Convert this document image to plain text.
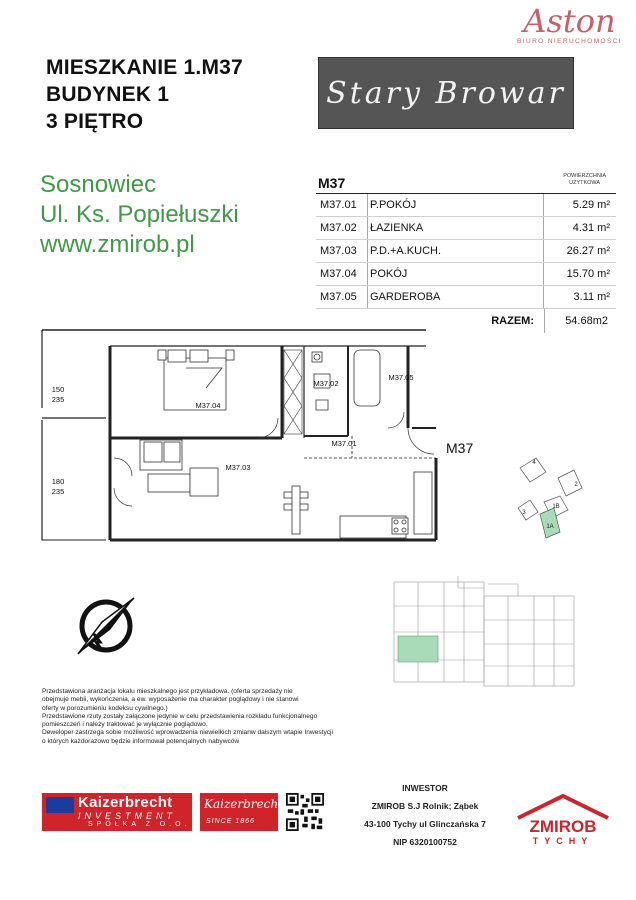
MIESZKANIE 1.M37
BUDYNEK 1
3 PIĘTRO
Stary Browar
Aston
BIURO NIERUCHOMOŚCI
Sosnowiec
Ul. Ks. Popiełuszki
www.zmirob.pl
M37	POWIERZCHNIA
UŻYTKOWA
M37.01	P.POKÓJ	5.29 m²
M37.02	ŁAZIENKA	4.31 m²
M37.03	P.D.+A.KUCH.	26.27 m²
M37.04	POKÓJ	15.70 m²
M37.05	GARDEROBA	3.11 m²
RAZEM:	54.68m2
150
235
180
235
M37.04
M37.02
M37.05
M37.01
M37.03
M37
4
2
3
1B
1A
Przedstawiona aranżacja lokalu mieszkalnego jest przykładowa. (oferta sprzedaży nie
obejmuje mebli, wykończenia, a ew. wyposażenie ma charakter poglądowy i nie stanowi
oferty w porozumieniu kodeksu cywilnego.)
Przedstawione rzuty zostały załączone jedynie w celu przedstawienia rozkładu funkcjonalnego
pomieszczeń i należy traktować je wyłącznie poglądowo.
Deweloper zastrzega sobie możliwość wprowadzenia niewielkich zmianw dalszym wtapie Inwestycji
o których każdorazowo będzie informował potencjalnych nabywców
Kaizerbrecht
INVESTMENT
SPÓŁKA Z O.O.
Kaizerbrecht
SINCE 1866
INWESTOR
ZMIROB S.J Rolnik; Ząbek
43-100 Tychy ul Glinczańska 7
NIP 6320100752
ZMIROB
TYCHY
